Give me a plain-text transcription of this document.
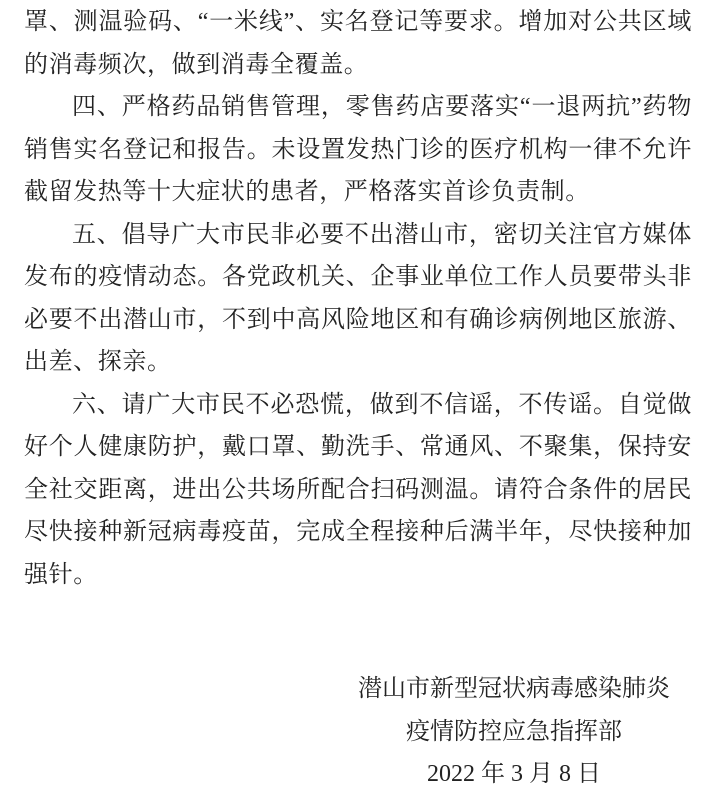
罩、测温验码、“一米线”、实名登记等要求。增加对公共区域的消毒频次，做到消毒全覆盖。

四、严格药品销售管理，零售药店要落实“一退两抗”药物销售实名登记和报告。未设置发热门诊的医疗机构一律不允许截留发热等十大症状的患者，严格落实首诊负责制。

五、倡导广大市民非必要不出潜山市，密切关注官方媒体发布的疫情动态。各党政机关、企事业单位工作人员要带头非必要不出潜山市，不到中高风险地区和有确诊病例地区旅游、出差、探亲。

六、请广大市民不必恐慌，做到不信谣，不传谣。自觉做好个人健康防护，戴口罩、勤洗手、常通风、不聚集，保持安全社交距离，进出公共场所配合扫码测温。请符合条件的居民尽快接种新冠病毒疫苗，完成全程接种后满半年，尽快接种加强针。

潜山市新型冠状病毒感染肺炎
疫情防控应急指挥部
2022 年 3 月 8 日
